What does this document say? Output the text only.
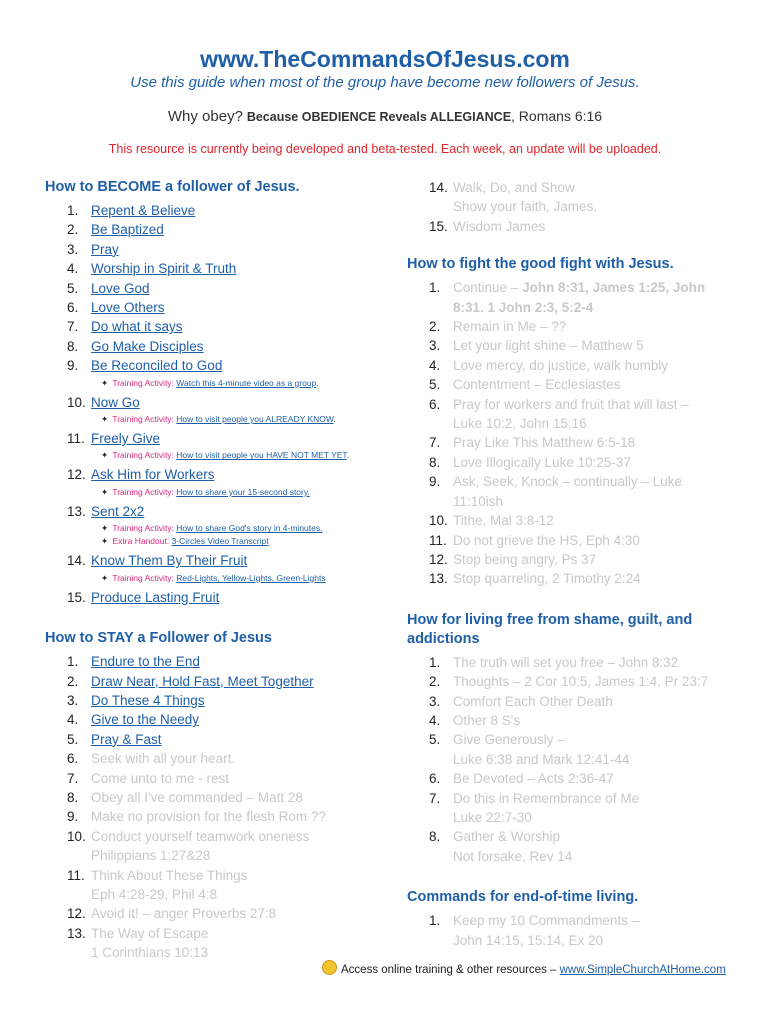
www.TheCommandsOfJesus.com
Use this guide when most of the group have become new followers of Jesus.
Why obey? Because OBEDIENCE Reveals ALLEGIANCE, Romans 6:16
This resource is currently being developed and beta-tested. Each week, an update will be uploaded.
How to BECOME a follower of Jesus.
1. Repent & Believe
2. Be Baptized
3. Pray
4. Worship in Spirit & Truth
5. Love God
6. Love Others
7. Do what it says
8. Go Make Disciples
9. Be Reconciled to God
✦ Training Activity: Watch this 4-minute video as a group.
10. Now Go
✦ Training Activity: How to visit people you ALREADY KNOW.
11. Freely Give
✦ Training Activity: How to visit people you HAVE NOT MET YET.
12. Ask Him for Workers
✦ Training Activity: How to share your 15-second story.
13. Sent 2x2
✦ Training Activity: How to share God's story in 4-minutes.
✦ Extra Handout: 3-Circles Video Transcript
14. Know Them By Their Fruit
✦ Training Activity: Red-Lights, Yellow-Lights, Green-Lights
15. Produce Lasting Fruit
How to STAY a Follower of Jesus
1. Endure to the End
2. Draw Near, Hold Fast, Meet Together
3. Do These 4 Things
4. Give to the Needy
5. Pray & Fast
6. Seek with all your heart.
7. Come unto to me - rest
8. Obey all I've commanded – Matt 28
9. Make no provision for the flesh Rom ??
10. Conduct yourself teamwork oneness
Philippians 1:27&28
11. Think About These Things
Eph 4:28-29, Phil 4:8
12. Avoid it! – anger Proverbs 27:8
13. The Way of Escape
1 Corinthians 10:13
14. Walk, Do, and Show
Show your faith, James.
15. Wisdom James
How to fight the good fight with Jesus.
1. Continue – John 8:31, James 1:25, John
8:31. 1 John 2:3, 5:2-4
2. Remain in Me – ??
3. Let your light shine – Matthew 5
4. Love mercy, do justice, walk humbly
5. Contentment – Ecclesiastes
6. Pray for workers and fruit that will last –
Luke 10:2, John 15:16
7. Pray Like This Matthew 6:5-18
8. Love Illogically Luke 10:25-37
9. Ask, Seek, Knock – continually – Luke
11:10ish
10. Tithe, Mal 3:8-12
11. Do not grieve the HS, Eph 4:30
12. Stop being angry, Ps 37
13. Stop quarreling, 2 Timothy 2:24
How for living free from shame, guilt, and
addictions
1. The truth will set you free – John 8:32
2. Thoughts – 2 Cor 10:5, James 1:4, Pr 23:7
3. Comfort Each Other Death
4. Other 8 S's
5. Give Generously –
Luke 6:38 and Mark 12:41-44
6. Be Devoted – Acts 2:36-47
7. Do this in Remembrance of Me
Luke 22:7-30
8. Gather & Worship
Not forsake, Rev 14
Commands for end-of-time living.
1. Keep my 10 Commandments –
John 14:15, 15:14, Ex 20
Access online training & other resources – www.SimpleChurchAtHome.com
